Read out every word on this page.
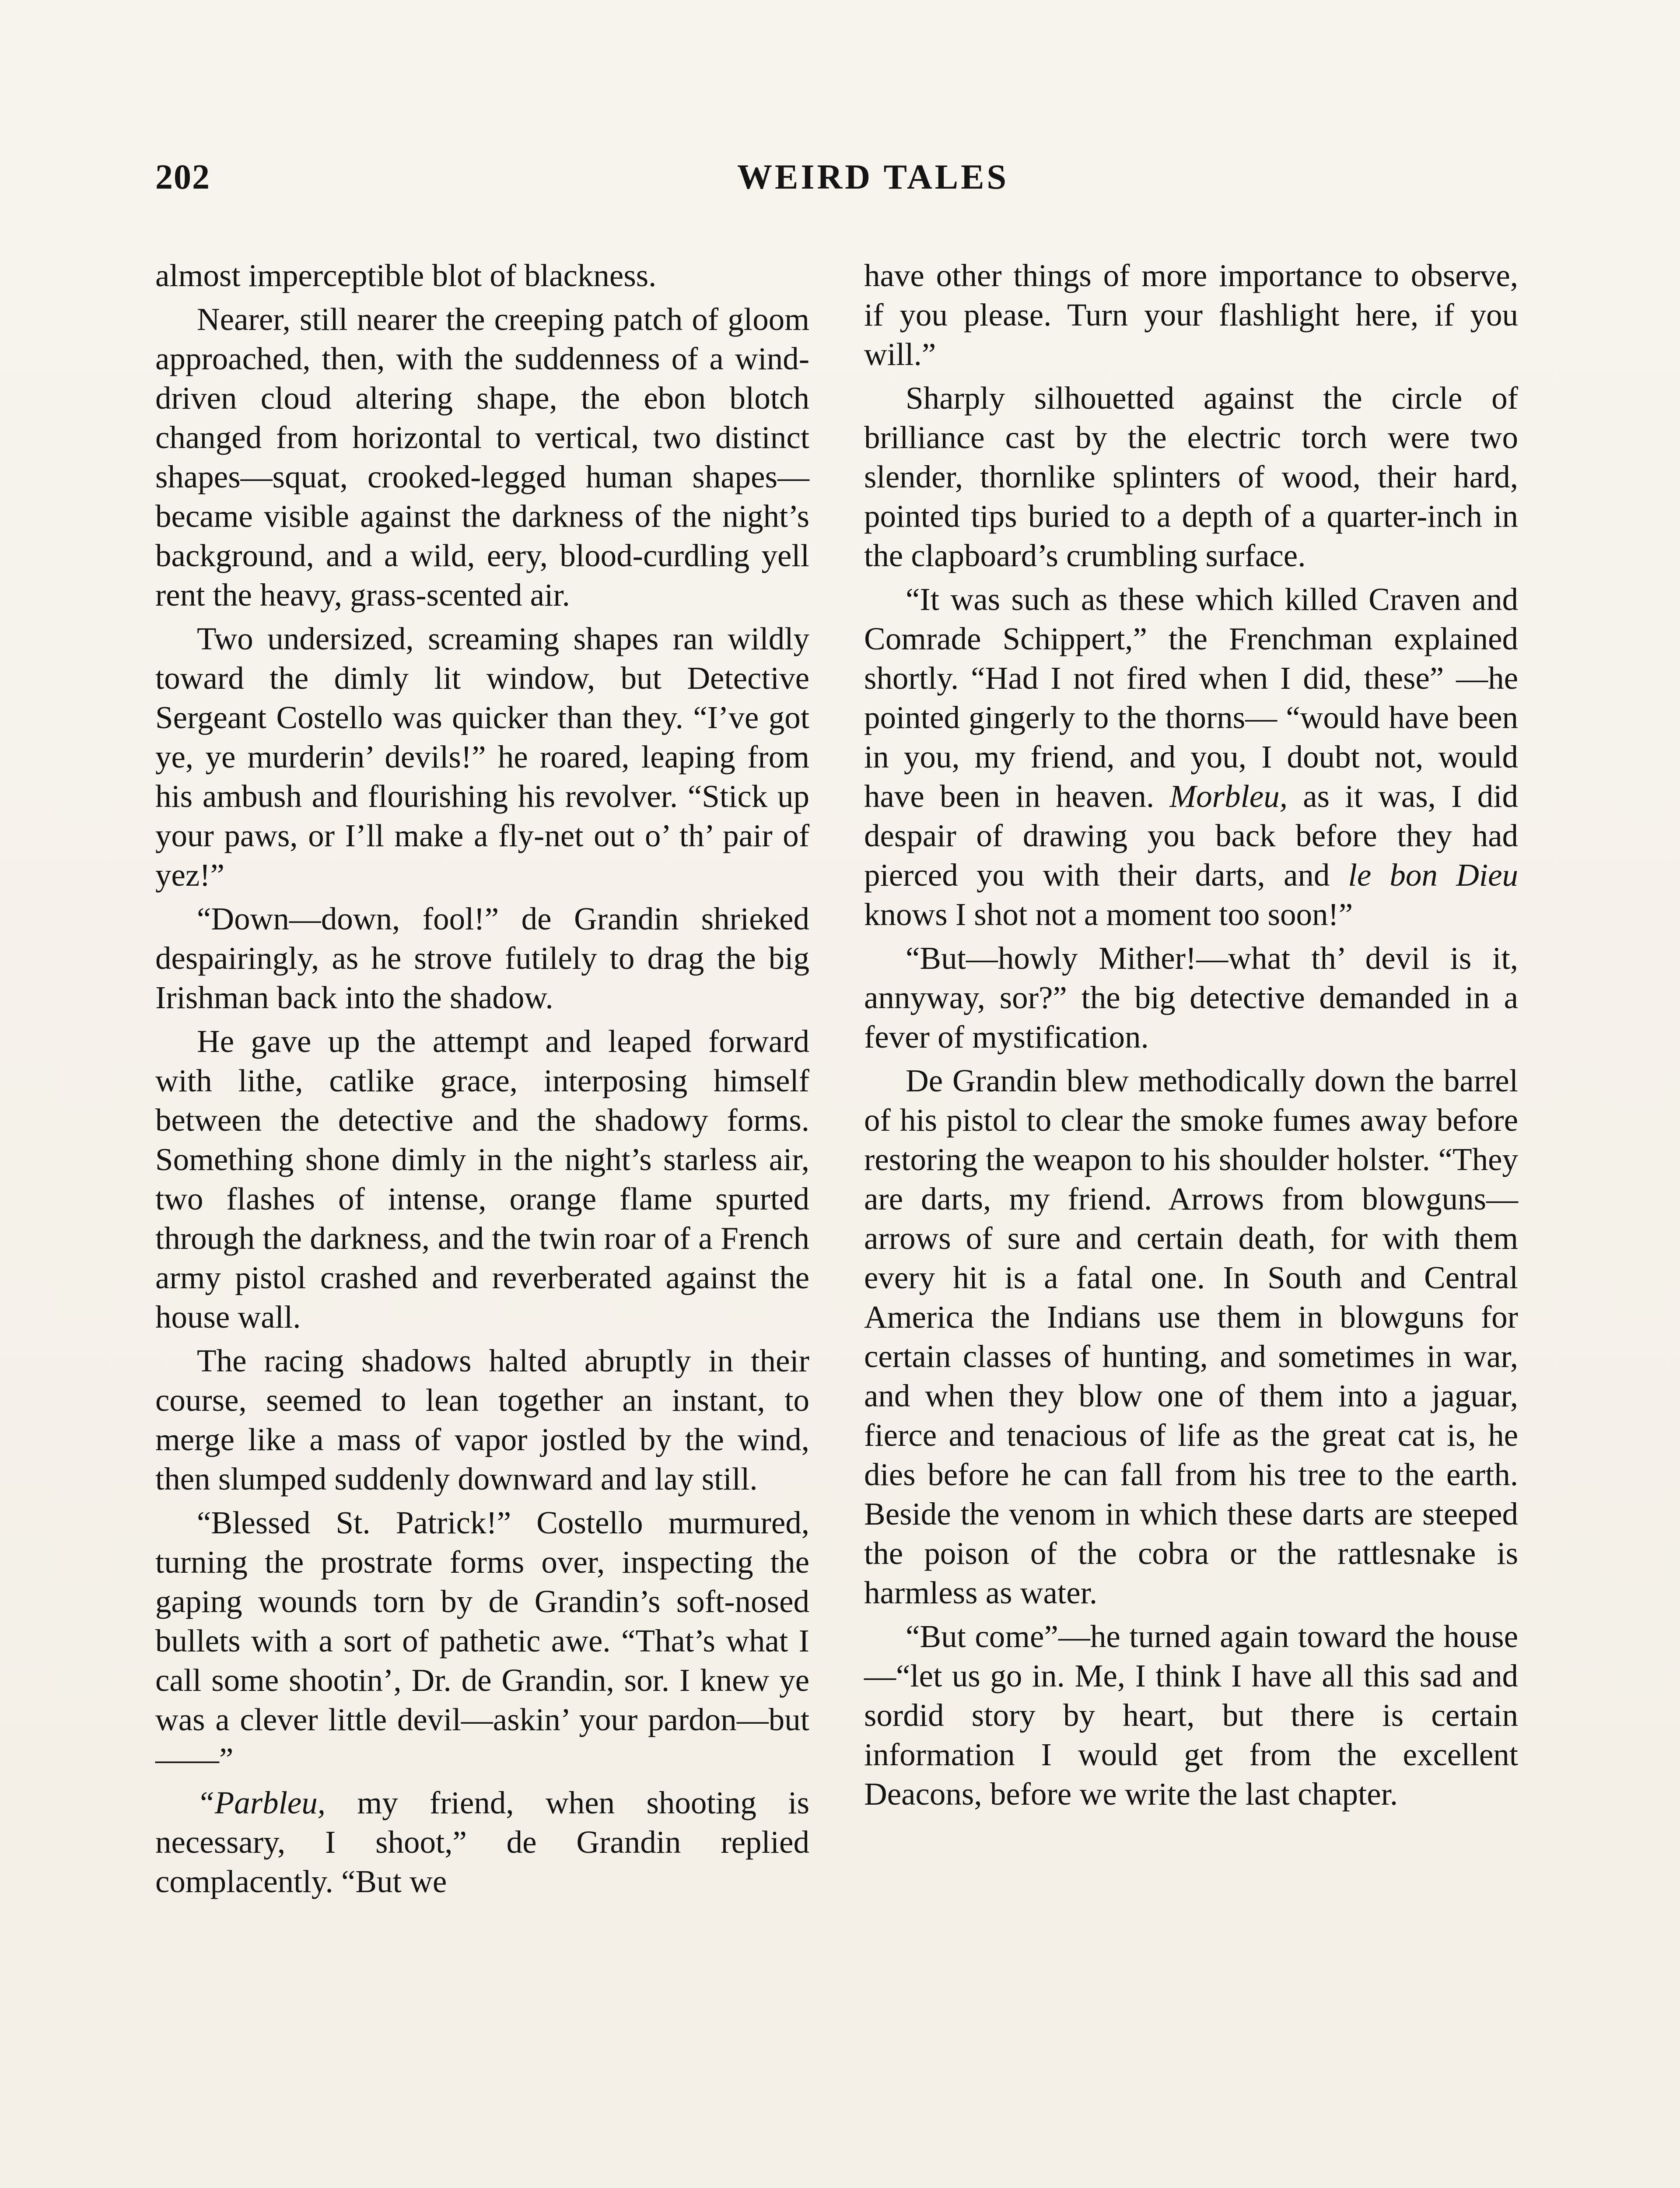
202	WEIRD TALES

almost imperceptible blot of blackness.

Nearer, still nearer the creeping patch of gloom approached, then, with the suddenness of a wind-driven cloud altering shape, the ebon blotch changed from horizontal to vertical, two distinct shapes—squat, crooked-legged human shapes—became visible against the darkness of the night’s background, and a wild, eery, blood-curdling yell rent the heavy, grass-scented air.

Two undersized, screaming shapes ran wildly toward the dimly lit window, but Detective Sergeant Costello was quicker than they. “I’ve got ye, ye murderin’ devils!” he roared, leaping from his ambush and flourishing his revolver. “Stick up your paws, or I’ll make a fly-net out o’ th’ pair of yez!”

“Down—down, fool!” de Grandin shrieked despairingly, as he strove futilely to drag the big Irishman back into the shadow.

He gave up the attempt and leaped forward with lithe, catlike grace, interposing himself between the detective and the shadowy forms. Something shone dimly in the night’s starless air, two flashes of intense, orange flame spurted through the darkness, and the twin roar of a French army pistol crashed and reverberated against the house wall.

The racing shadows halted abruptly in their course, seemed to lean together an instant, to merge like a mass of vapor jostled by the wind, then slumped suddenly downward and lay still.

“Blessed St. Patrick!” Costello murmured, turning the prostrate forms over, inspecting the gaping wounds torn by de Grandin’s soft-nosed bullets with a sort of pathetic awe. “That’s what I call some shootin’, Dr. de Grandin, sor. I knew ye was a clever little devil—askin’ your pardon—but——”

“Parbleu, my friend, when shooting is necessary, I shoot,” de Grandin replied complacently. “But we

have other things of more importance to observe, if you please. Turn your flashlight here, if you will.”

Sharply silhouetted against the circle of brilliance cast by the electric torch were two slender, thornlike splinters of wood, their hard, pointed tips buried to a depth of a quarter-inch in the clapboard’s crumbling surface.

“It was such as these which killed Craven and Comrade Schippert,” the Frenchman explained shortly. “Had I not fired when I did, these” —he pointed gingerly to the thorns— “would have been in you, my friend, and you, I doubt not, would have been in heaven. Morbleu, as it was, I did despair of drawing you back before they had pierced you with their darts, and le bon Dieu knows I shot not a moment too soon!”

“But—howly Mither!—what th’ devil is it, annyway, sor?” the big detective demanded in a fever of mystification.

De Grandin blew methodically down the barrel of his pistol to clear the smoke fumes away before restoring the weapon to his shoulder holster. “They are darts, my friend. Arrows from blowguns—arrows of sure and certain death, for with them every hit is a fatal one. In South and Central America the Indians use them in blowguns for certain classes of hunting, and sometimes in war, and when they blow one of them into a jaguar, fierce and tenacious of life as the great cat is, he dies before he can fall from his tree to the earth. Beside the venom in which these darts are steeped the poison of the cobra or the rattlesnake is harmless as water.

“But come”—he turned again toward the house—“let us go in. Me, I think I have all this sad and sordid story by heart, but there is certain information I would get from the excellent Deacons, before we write the last chapter.
